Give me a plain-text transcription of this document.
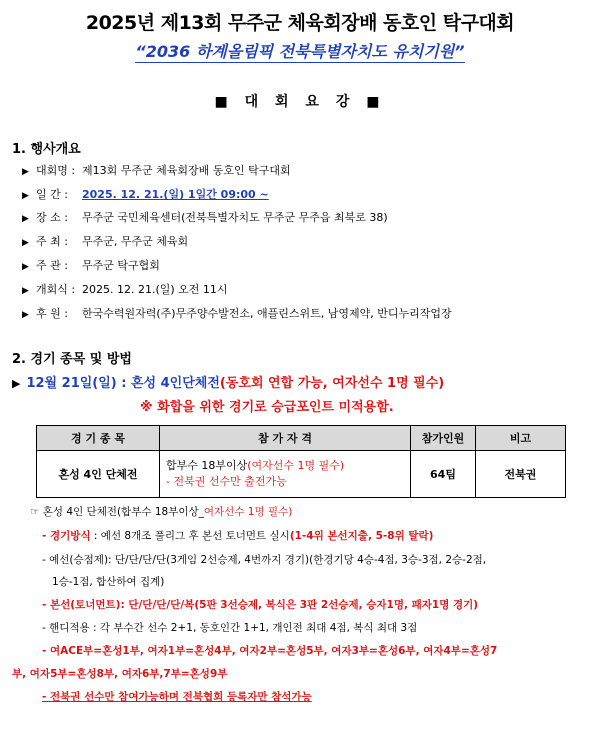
2025년 제13회 무주군 체육회장배 동호인 탁구대회
“2036 하계올림픽 전북특별자치도 유치기원”
■ 대 회 요 강 ■
1. 행사개요
▶ 대회명 : 제13회 무주군 체육회장배 동호인 탁구대회
▶ 일 간 : 2025. 12. 21.(일) 1일간 09:00 ~
▶ 장 소 : 무주군 국민체육센터(전북특별자치도 무주군 무주읍 최북로 38)
▶ 주 최 : 무주군, 무주군 체육회
▶ 주 관 : 무주군 탁구협회
▶ 개회식 : 2025. 12. 21.(일) 오전 11시
▶ 후 원 : 한국수력원자력(주)무주양수발전소, 애플린스위트, 남영제약, 반디누리작업장
2. 경기 종목 및 방법
▶ 12월 21일(일) : 혼성 4인단체전(동호회 연합 가능, 여자선수 1명 필수)
※ 화합을 위한 경기로 승급포인트 미적용함.
경 기 종 목	참 가 자 격	참가인원	비고
혼성 4인 단체전	합부수 18부이상(여자선수 1명 필수)
- 전북권 선수만 출전가능	64팀	전북권
☞ 혼성 4인 단체전(합부수 18부이상_여자선수 1명 필수)
- 경기방식 : 예선 8개조 풀리그 후 본선 토너먼트 실시(1-4위 본선지출, 5-8위 탈락)
- 예선(승점제): 단/단/단/단(3게임 2선승제, 4번까지 경기)(한경기당 4승-4점, 3승-3점, 2승-2점,
1승-1점, 합산하여 집계)
- 본선(토너먼트): 단/단/단/단/복(5판 3선승제, 복식은 3판 2선승제, 승자1명, 패자1명 경기)
- 핸디적용 : 각 부수간 선수 2+1, 동호인간 1+1, 개인전 최대 4점, 복식 최대 3점
- 여ACE부=혼성1부, 여자1부=혼성4부, 여자2부=혼성5부, 여자3부=혼성6부, 여자4부=혼성7
부, 여자5부=혼성8부, 여자6부,7부=혼성9부
- 전북권 선수만 참여가능하며 전북협회 등록자만 참석가능
